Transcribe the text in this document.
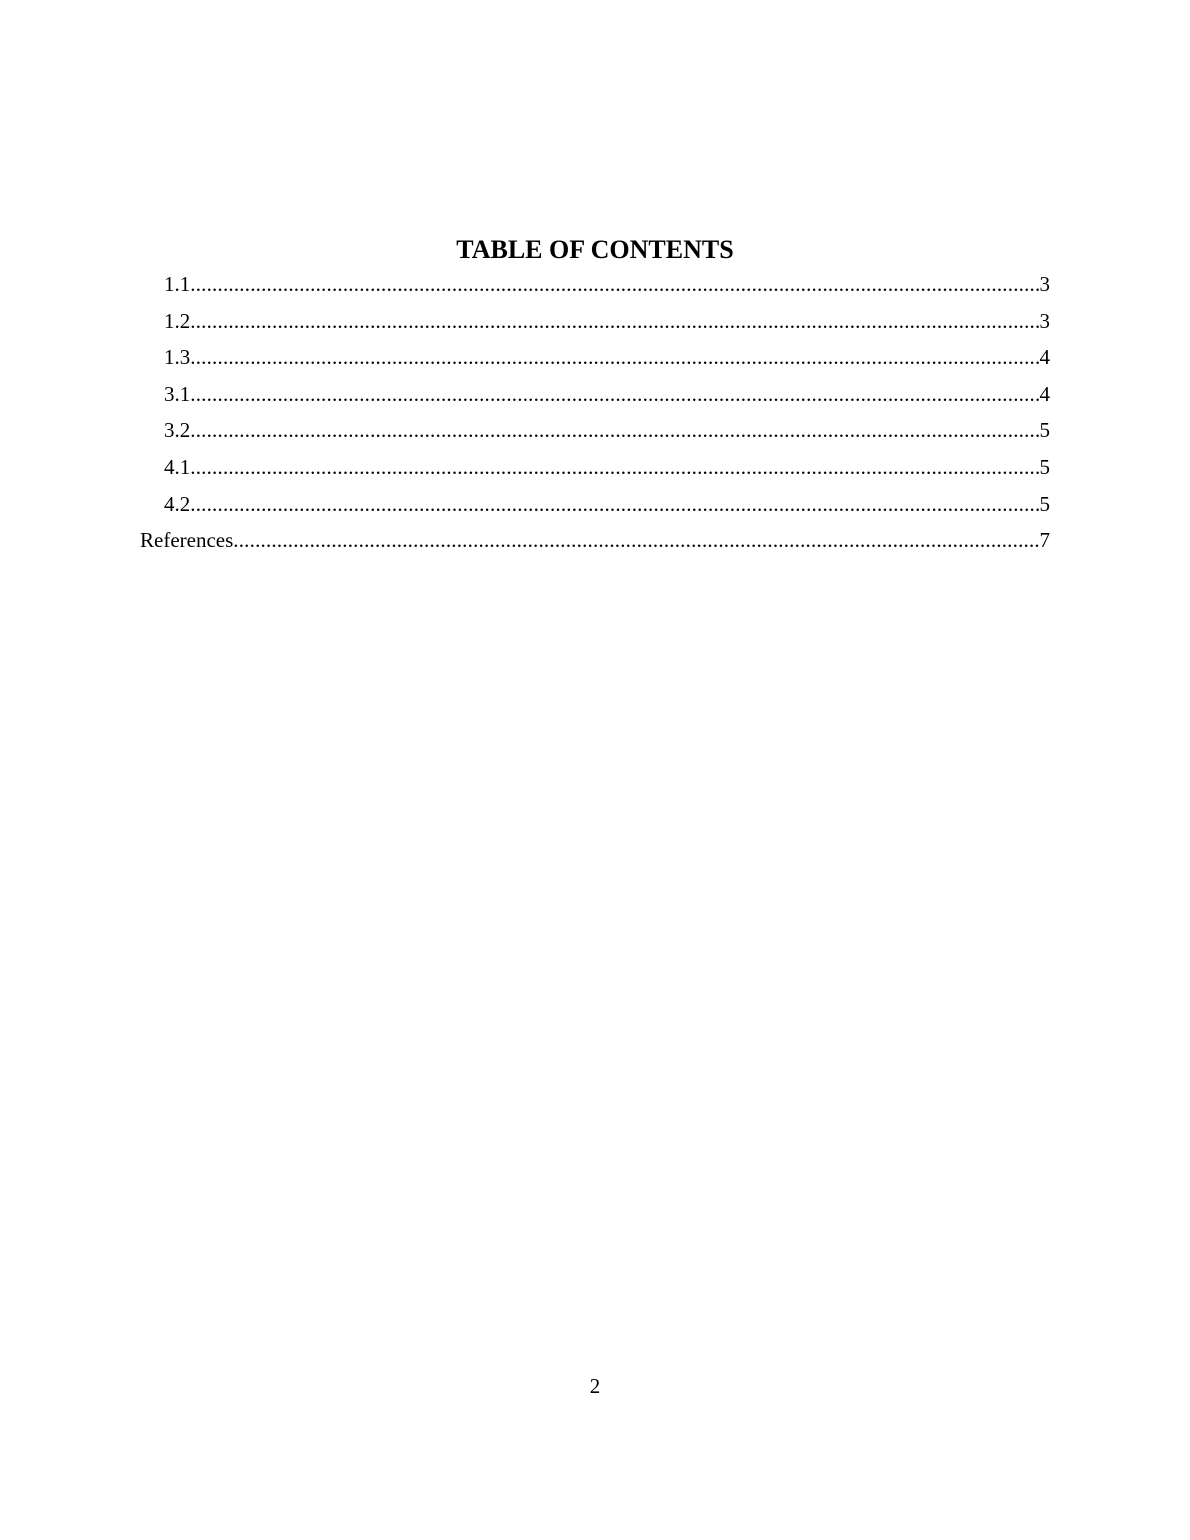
TABLE OF CONTENTS
1.1 .....	3
1.2 .....	3
1.3 .....	4
3.1 .....	4
3.2 .....	5
4.1 .....	5
4.2 .....	5
References .....	7
2
